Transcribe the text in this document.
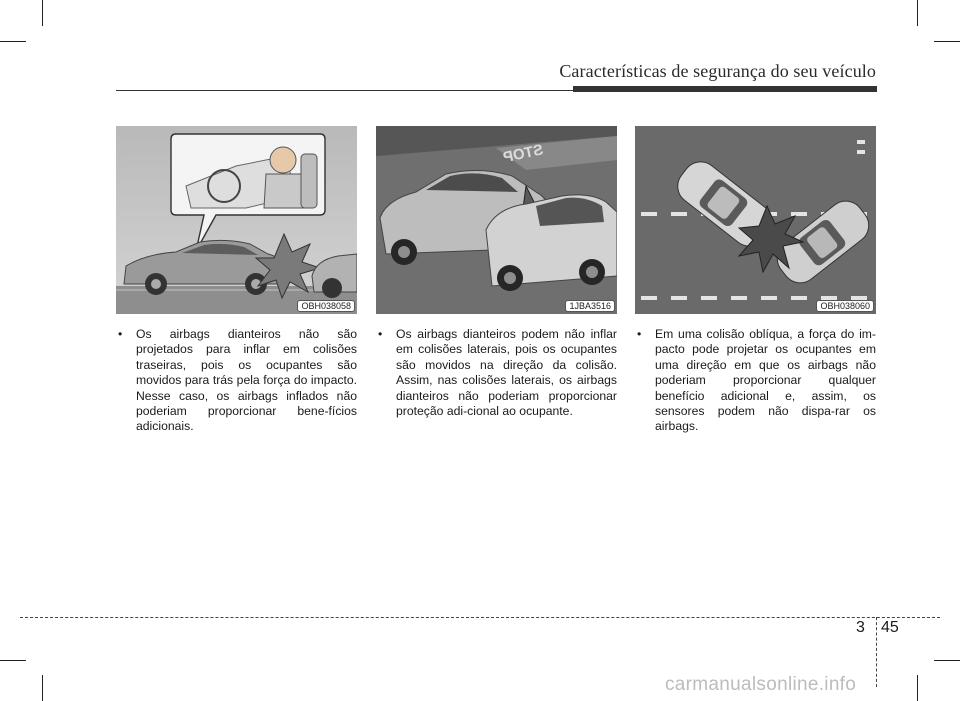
Características de segurança do seu veículo
OBH038058
STOP
1JBA3516	OBH038060
• Os airbags dianteiros não são projetados para inflar em colisões traseiras, pois os ocupantes são movidos para trás pela força do impacto. Nesse caso, os airbags inflados não poderiam proporcionar bene-fícios adicionais.
• Os airbags dianteiros podem não inflar em colisões laterais, pois os ocupantes são movidos na direção da colisão. Assim, nas colisões laterais, os airbags dianteiros não poderiam proporcionar proteção adi-cional ao ocupante.
• Em uma colisão oblíqua, a força do im-pacto pode projetar os ocupantes em uma direção em que os airbags não poderiam proporcionar qualquer benefício adicional e, assim, os sensores podem não dispa-rar os airbags.
3 45
carmanualsonline.info
